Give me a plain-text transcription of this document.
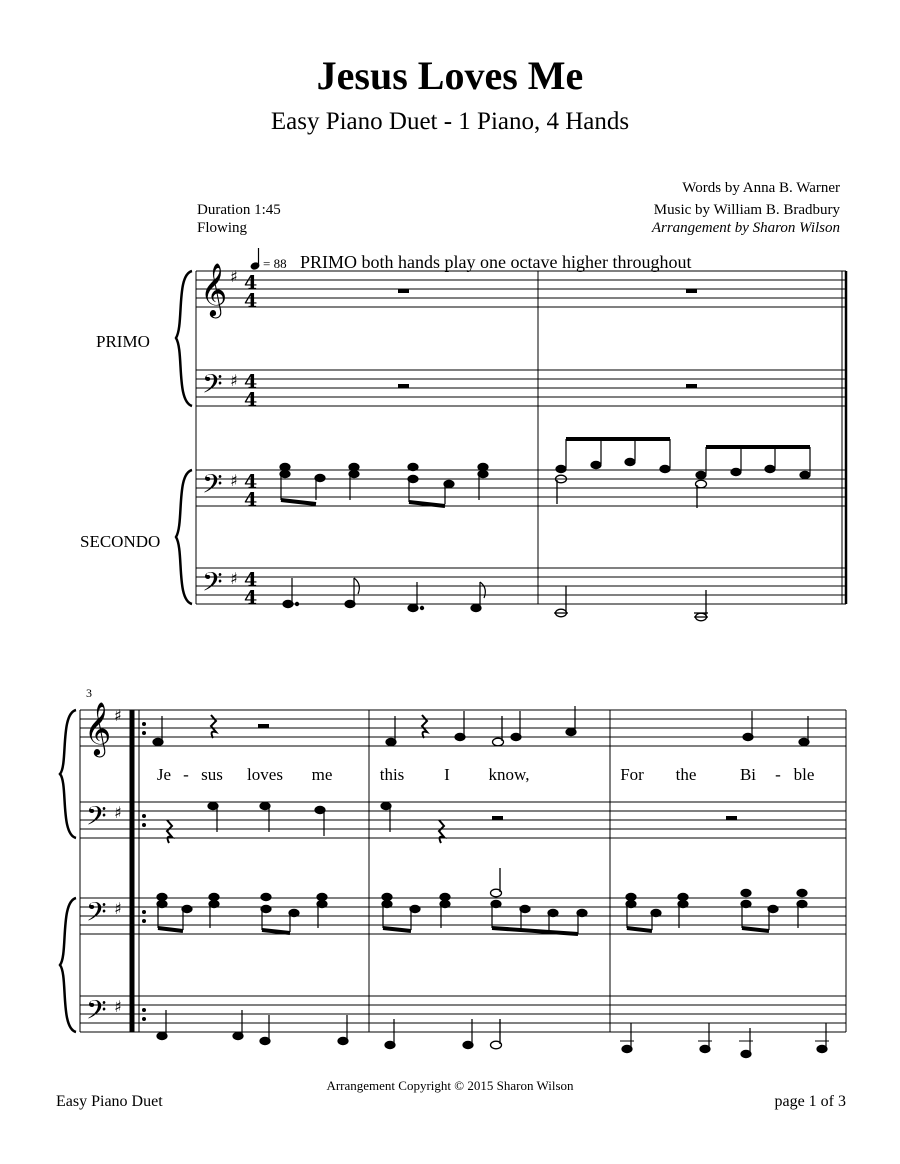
Jesus Loves Me
Easy Piano Duet - 1 Piano, 4 Hands
Words by Anna B. Warner
Music by William B. Bradbury
Arrangement by Sharon Wilson
Duration 1:45
Flowing
𝄞
𝄢
𝄢
𝄢
♯
♯
♯
♯
4
4
4
4
4
4
4
4
𝄞
𝄢
𝄢
𝄢
♯
♯
♯
♯
= 88 PRIMO both hands play one octave higher throughout
PRIMO
SECONDO
3
Je - sus loves me	this I know,	For the	Bi - ble
Arrangement Copyright © 2015 Sharon Wilson
Easy Piano Duet	page 1 of 3
